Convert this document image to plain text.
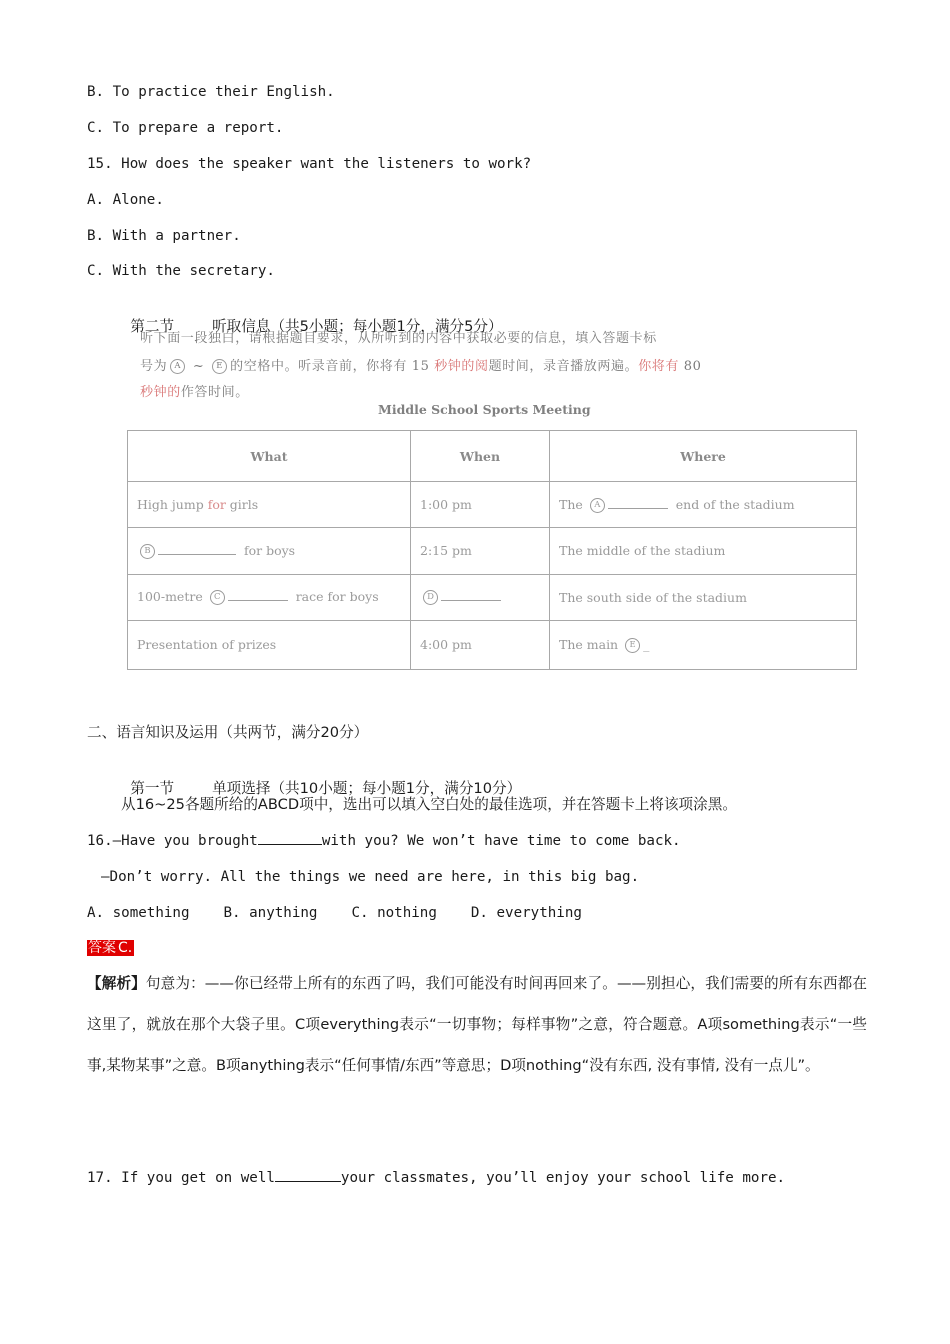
B. To practice their English.
C. To prepare a report.
15. How does the speaker want the listeners to work?
A. Alone.
B. With a partner.
C. With the secretary.

第二节	听取信息（共5小题；每小题1分，满分5分）

听下面一段独白，请根据题目要求，从所听到的内容中获取必要的信息，填入答题卡标
号为 A ~ E 的空格中。听录音前，你将有 15 秒钟的阅题时间，录音播放两遍。你将有 80
秒钟的作答时间。
Middle School Sports Meeting
What	When	Where
High jump for girls	1:00 pm	The A end of the stadium
B for boys	2:15 pm	The middle of the stadium
100-metre C race for boys	D	The south side of the stadium
Presentation of prizes	4:00 pm	The main E _
二、语言知识及运用（共两节，满分20分）

第一节	单项选择（共10小题；每小题1分，满分10分）

从16~25各题所给的ABCD项中，选出可以填入空白处的最佳选项，并在答题卡上将该项涂黑。
16.—Have you brought	with you? We won’t have time to come back.
—Don’t worry. All the things we need are here, in this big bag.
A. something B. anything C. nothing D. everything
答案 C.
【解析】句意为：——你已经带上所有的东西了吗，我们可能没有时间再回来了。——别担心，我们需要的所有东西都在这里了，就放在那个大袋子里。C项everything表示“一切事物；每样事物”之意，符合题意。A项something表示“一些事,某物某事”之意。B项anything表示“任何事情/东西”等意思；D项nothing“没有东西, 没有事情, 没有一点儿”。
17. If you get on well	your classmates, you’ll enjoy your school life more.
